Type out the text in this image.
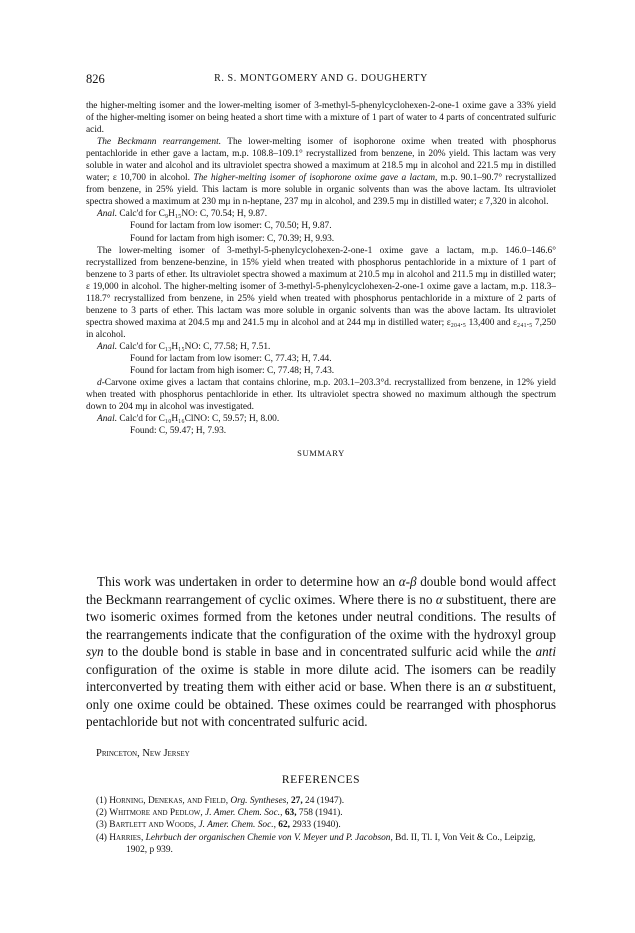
826	R. S. MONTGOMERY AND G. DOUGHERTY

the higher-melting isomer and the lower-melting isomer of 3-methyl-5-phenylcyclohexen-2-one-1 oxime gave a 33% yield of the higher-melting isomer on being heated a short time with a mixture of 1 part of water to 4 parts of concentrated sulfuric acid.

The Beckmann rearrangement. The lower-melting isomer of isophorone oxime when treated with phosphorus pentachloride in ether gave a lactam, m.p. 108.8–109.1° recrystallized from benzene, in 20% yield. This lactam was very soluble in water and alcohol and its ultraviolet spectra showed a maximum at 218.5 mμ in alcohol and 221.5 mμ in distilled water; ε 10,700 in alcohol. The higher-melting isomer of isophorone oxime gave a lactam, m.p. 90.1–90.7° recrystallized from benzene, in 25% yield. This lactam is more soluble in organic solvents than was the above lactam. Its ultraviolet spectra showed a maximum at 230 mμ in n-heptane, 237 mμ in alcohol, and 239.5 mμ in distilled water; ε 7,320 in alcohol.

Anal. Calc'd for C₉H₁₅NO: C, 70.54; H, 9.87.

Found for lactam from low isomer: C, 70.50; H, 9.87.

Found for lactam from high isomer: C, 70.39; H, 9.93.

The lower-melting isomer of 3-methyl-5-phenylcyclohexen-2-one-1 oxime gave a lactam, m.p. 146.0–146.6° recrystallized from benzene-benzine, in 15% yield when treated with phosphorus pentachloride in a mixture of 1 part of benzene to 3 parts of ether. Its ultraviolet spectra showed a maximum at 210.5 mμ in alcohol and 211.5 mμ in distilled water; ε 19,000 in alcohol. The higher-melting isomer of 3-methyl-5-phenylcyclohexen-2-one-1 oxime gave a lactam, m.p. 118.3–118.7° recrystallized from benzene, in 25% yield when treated with phosphorus pentachloride in a mixture of 2 parts of benzene to 3 parts of ether. This lactam was more soluble in organic solvents than was the above lactam. Its ultraviolet spectra showed maxima at 204.5 mμ and 241.5 mμ in alcohol and at 244 mμ in distilled water; ε₂₀₄.₅ 13,400 and ε₂₄₁.₅ 7,250 in alcohol.

Anal. Calc'd for C₁₃H₁₅NO: C, 77.58; H, 7.51.

Found for lactam from low isomer: C, 77.43; H, 7.44.

Found for lactam from high isomer: C, 77.48; H, 7.43.

d-Carvone oxime gives a lactam that contains chlorine, m.p. 203.1–203.3°d. recrystallized from benzene, in 12% yield when treated with phosphorus pentachloride in ether. Its ultraviolet spectra showed no maximum although the spectrum down to 204 mμ in alcohol was investigated.

Anal. Calc'd for C₁₀H₁₆ClNO: C, 59.57; H, 8.00.

Found: C, 59.47; H, 7.93.

SUMMARY

This work was undertaken in order to determine how an α-β double bond would affect the Beckmann rearrangement of cyclic oximes. Where there is no α substituent, there are two isomeric oximes formed from the ketones under neutral conditions. The results of the rearrangements indicate that the configuration of the oxime with the hydroxyl group syn to the double bond is stable in base and in concentrated sulfuric acid while the anti configuration of the oxime is stable in more dilute acid. The isomers can be readily interconverted by treating them with either acid or base. When there is an α substituent, only one oxime could be obtained. These oximes could be rearranged with phosphorus pentachloride but not with concentrated sulfuric acid.

Princeton, New Jersey
REFERENCES

(1) Horning, Denekas, and Field, Org. Syntheses, 27, 24 (1947).

(2) Whitmore and Pedlow, J. Amer. Chem. Soc., 63, 758 (1941).

(3) Bartlett and Woods, J. Amer. Chem. Soc., 62, 2933 (1940).

(4) Harries, Lehrbuch der organischen Chemie von V. Meyer und P. Jacobson, Bd. II, Tl. I, Von Veit & Co., Leipzig, 1902, p 939.
